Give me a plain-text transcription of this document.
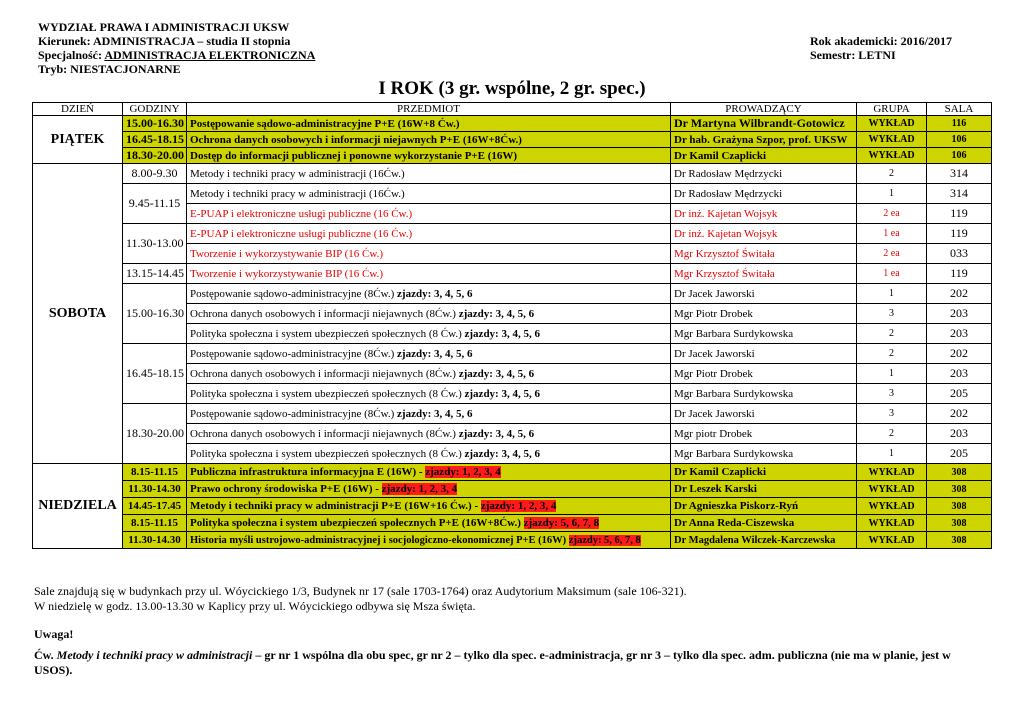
WYDZIAŁ PRAWA I ADMINISTRACJI UKSW
Kierunek: ADMINISTRACJA – studia II stopnia
Specjalność: ADMINISTRACJA ELEKTRONICZNA
Tryb: NIESTACJONARNE
Rok akademicki: 2016/2017
Semestr: LETNI
I ROK (3 gr. wspólne, 2 gr. spec.)
DZIEŃ	GODZINY	PRZEDMIOT	PROWADZĄCY	GRUPA	SALA
PIĄTEK	15.00-16.30	Postępowanie sądowo-administracyjne P+E (16W+8 Ćw.)	Dr Martyna Wilbrandt-Gotowicz	WYKŁAD	116
	16.45-18.15	Ochrona danych osobowych i informacji niejawnych P+E (16W+8Ćw.)	Dr hab. Grażyna Szpor, prof. UKSW	WYKŁAD	106
	18.30-20.00	Dostęp do informacji publicznej i ponowne wykorzystanie P+E (16W)	Dr Kamil Czaplicki	WYKŁAD	106
SOBOTA	8.00-9.30	Metody i techniki pracy w administracji (16Ćw.)	Dr Radosław Mędrzycki	2	314
	9.45-11.15	Metody i techniki pracy w administracji (16Ćw.)	Dr Radosław Mędrzycki	1	314
		E-PUAP i elektroniczne usługi publiczne (16 Ćw.)	Dr inż. Kajetan Wojsyk	2 ea	119
	11.30-13.00	E-PUAP i elektroniczne usługi publiczne (16 Ćw.)	Dr inż. Kajetan Wojsyk	1 ea	119
		Tworzenie i wykorzystywanie BIP (16 Ćw.)	Mgr Krzysztof Świtała	2 ea	033
	13.15-14.45	Tworzenie i wykorzystywanie BIP (16 Ćw.)	Mgr Krzysztof Świtała	1 ea	119
	15.00-16.30	Postępowanie sądowo-administracyjne (8Ćw.) zjazdy: 3, 4, 5, 6	Dr Jacek Jaworski	1	202
		Ochrona danych osobowych i informacji niejawnych (8Ćw.) zjazdy: 3, 4, 5, 6	Mgr Piotr Drobek	3	203
		Polityka społeczna i system ubezpieczeń społecznych (8 Ćw.) zjazdy: 3, 4, 5, 6	Mgr Barbara Surdykowska	2	203
	16.45-18.15	Postępowanie sądowo-administracyjne (8Ćw.) zjazdy: 3, 4, 5, 6	Dr Jacek Jaworski	2	202
		Ochrona danych osobowych i informacji niejawnych (8Ćw.) zjazdy: 3, 4, 5, 6	Mgr Piotr Drobek	1	203
		Polityka społeczna i system ubezpieczeń społecznych (8 Ćw.) zjazdy: 3, 4, 5, 6	Mgr Barbara Surdykowska	3	205
	18.30-20.00	Postępowanie sądowo-administracyjne (8Ćw.) zjazdy: 3, 4, 5, 6	Dr Jacek Jaworski	3	202
		Ochrona danych osobowych i informacji niejawnych (8Ćw.) zjazdy: 3, 4, 5, 6	Mgr piotr Drobek	2	203
		Polityka społeczna i system ubezpieczeń społecznych (8 Ćw.) zjazdy: 3, 4, 5, 6	Mgr Barbara Surdykowska	1	205
NIEDZIELA	8.15-11.15	Publiczna infrastruktura informacyjna E (16W) - zjazdy: 1, 2, 3, 4	Dr Kamil Czaplicki	WYKŁAD	308
	11.30-14.30	Prawo ochrony środowiska P+E (16W) - zjazdy: 1, 2, 3, 4	Dr Leszek Karski	WYKŁAD	308
	14.45-17.45	Metody i techniki pracy w administracji P+E (16W+16 Ćw.) - zjazdy: 1, 2, 3, 4	Dr Agnieszka Piskorz-Ryń	WYKŁAD	308
	8.15-11.15	Polityka społeczna i system ubezpieczeń społecznych P+E (16W+8Ćw.) zjazdy: 5, 6, 7, 8	Dr Anna Reda-Ciszewska	WYKŁAD	308
	11.30-14.30	Historia myśli ustrojowo-administracyjnej i socjologiczno-ekonomicznej P+E (16W) zjazdy: 5, 6, 7, 8	Dr Magdalena Wilczek-Karczewska	WYKŁAD	308
Sale znajdują się w budynkach przy ul. Wóycickiego 1/3, Budynek nr 17 (sale 1703-1764) oraz Audytorium Maksimum (sale 106-321).
W niedzielę w godz. 13.00-13.30 w Kaplicy przy ul. Wóycickiego odbywa się Msza święta.
Uwaga!
Ćw. Metody i techniki pracy w administracji – gr nr 1 wspólna dla obu spec, gr nr 2 – tylko dla spec. e-administracja, gr nr 3 – tylko dla spec. adm. publiczna (nie ma w planie, jest w USOS).
